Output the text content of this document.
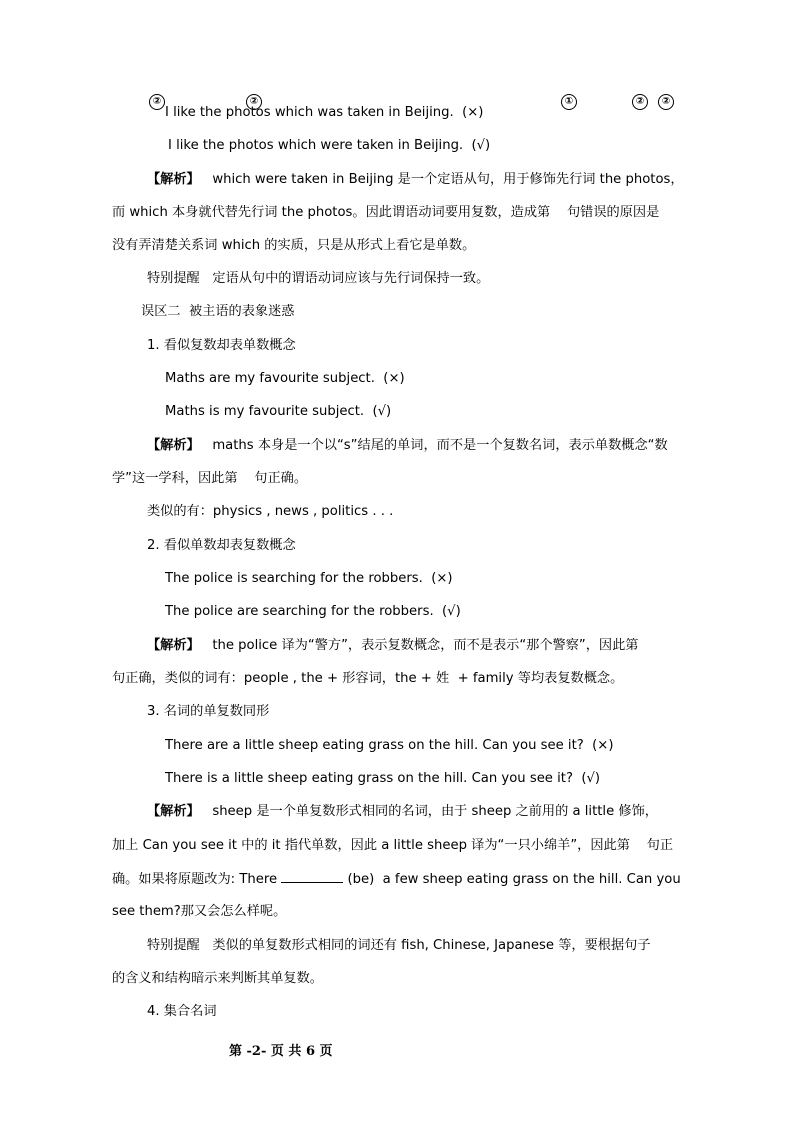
②	②	①	②	②
I like the photos which was taken in Beijing.  (×)
I like the photos which were taken in Beijing.  (√)
【解析】   which were taken in Beijing 是一个定语从句，用于修饰先行词 the photos，
而 which 本身就代替先行词 the photos。因此谓语动词要用复数，造成第    句错误的原因是
没有弄清楚关系词 which 的实质，只是从形式上看它是单数。
特别提醒   定语从句中的谓语动词应该与先行词保持一致。
误区二  被主语的表象迷惑
1. 看似复数却表单数概念
Maths are my favourite subject.  (×)
Maths is my favourite subject.  (√)
【解析】   maths 本身是一个以“s”结尾的单词，而不是一个复数名词，表示单数概念“数
学”这一学科，因此第    句正确。
类似的有：physics , news , politics . . .
2. 看似单数却表复数概念
The police is searching for the robbers.  (×)
The police are searching for the robbers.  (√)
【解析】   the police 译为“警方”，表示复数概念，而不是表示“那个警察”，因此第
句正确，类似的词有：people , the + 形容词，the + 姓  + family 等均表复数概念。
3. 名词的单复数同形
There are a little sheep eating grass on the hill. Can you see it?  (×)
There is a little sheep eating grass on the hill. Can you see it?  (√)
【解析】   sheep 是一个单复数形式相同的名词，由于 sheep 之前用的 a little 修饰，
加上 Can you see it 中的 it 指代单数，因此 a little sheep 译为“一只小绵羊”，因此第    句正
确。如果将原题改为: There	(be)  a few sheep eating grass on the hill. Can you
see them?那又会怎么样呢。
特别提醒   类似的单复数形式相同的词还有 fish, Chinese, Japanese 等，要根据句子
的含义和结构暗示来判断其单复数。
4. 集合名词
第 -2- 页 共 6 页
